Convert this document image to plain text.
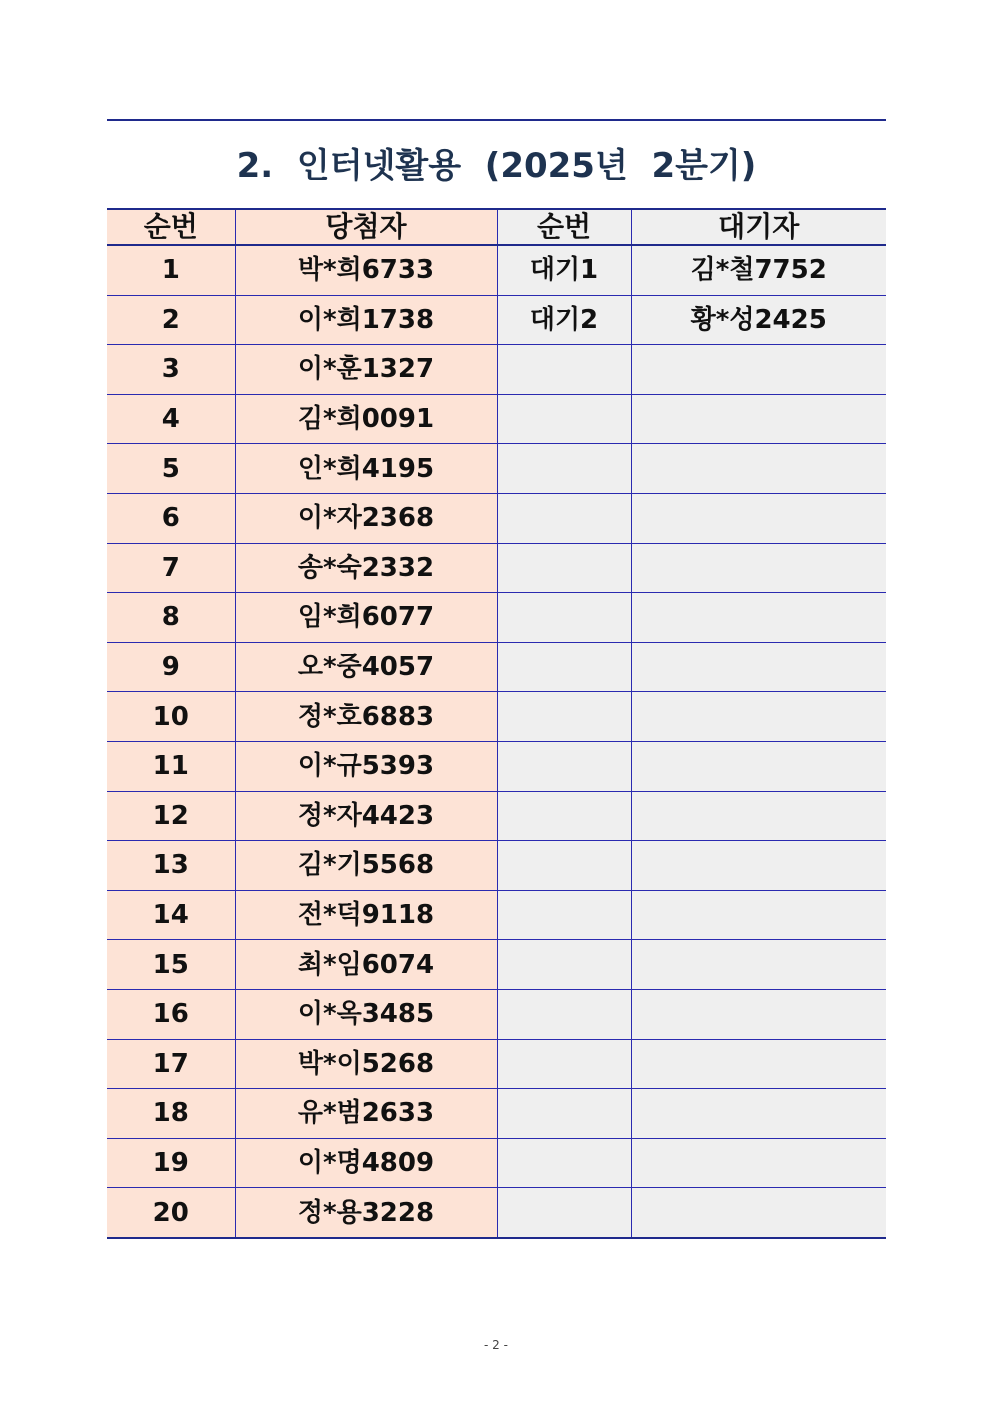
2.  인터넷활용  (2025년  2분기)
순번	당첨자	순번	대기자
1	박*희6733	대기1	김*철7752
2	이*희1738	대기2	황*성2425
3	이*훈1327		
4	김*희0091		
5	인*희4195		
6	이*자2368		
7	송*숙2332		
8	임*희6077		
9	오*중4057		
10	정*호6883		
11	이*규5393		
12	정*자4423		
13	김*기5568		
14	전*덕9118		
15	최*임6074		
16	이*옥3485		
17	박*이5268		
18	유*범2633		
19	이*명4809		
20	정*용3228		
- 2 -
